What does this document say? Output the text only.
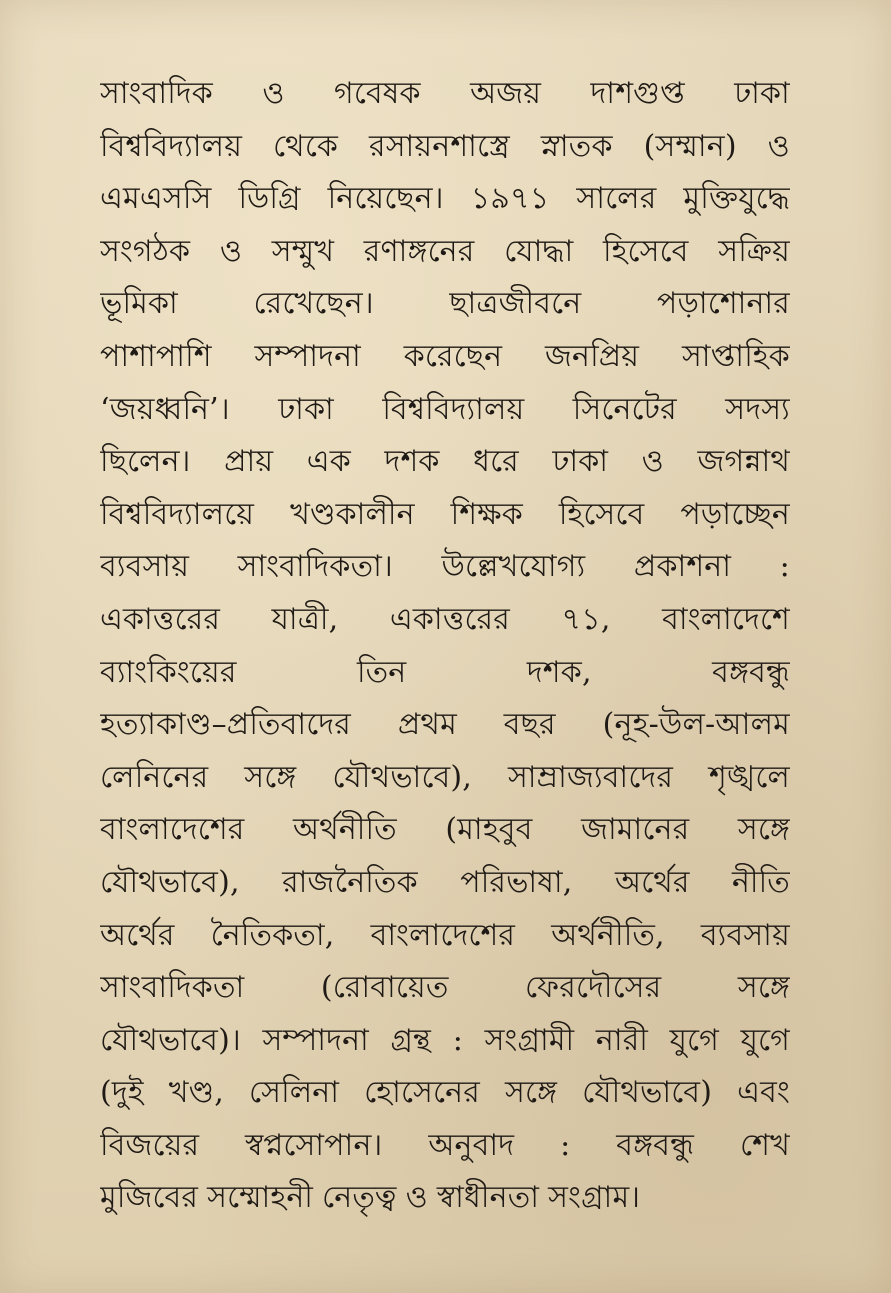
সাংবাদিক ও গবেষক অজয় দাশগুপ্ত ঢাকা
বিশ্ববিদ্যালয় থেকে রসায়নশাস্ত্রে স্নাতক (সম্মান) ও
এমএসসি ডিগ্রি নিয়েছেন। ১৯৭১ সালের মুক্তিযুদ্ধে
সংগঠক ও সম্মুখ রণাঙ্গনের যোদ্ধা হিসেবে সক্রিয়
ভূমিকা	রেখেছেন।	ছাত্রজীবনে	পড়াশোনার
পাশাপাশি সম্পাদনা করেছেন জনপ্রিয় সাপ্তাহিক
‘জয়ধ্বনি’। ঢাকা বিশ্ববিদ্যালয় সিনেটের সদস্য
ছিলেন। প্রায় এক দশক ধরে ঢাকা ও জগন্নাথ
বিশ্ববিদ্যালয়ে খণ্ডকালীন শিক্ষক হিসেবে পড়াচ্ছেন
ব্যবসায় সাংবাদিকতা। উল্লেখযোগ্য প্রকাশনা :
একাত্তরের যাত্রী, একাত্তরের ৭১, বাংলাদেশে
ব্যাংকিংয়ের	তিন	দশক,	বঙ্গবন্ধু
হত্যাকাণ্ড–প্রতিবাদের প্রথম বছর (নূহ-উল-আলম
লেনিনের সঙ্গে যৌথভাবে), সাম্রাজ্যবাদের শৃঙ্খলে
বাংলাদেশের অর্থনীতি (মাহবুব জামানের সঙ্গে
যৌথভাবে), রাজনৈতিক পরিভাষা, অর্থের নীতি
অর্থের নৈতিকতা, বাংলাদেশের অর্থনীতি, ব্যবসায়
সাংবাদিকতা	(রোবায়েত	ফেরদৌসের	সঙ্গে
যৌথভাবে)। সম্পাদনা গ্রন্থ : সংগ্রামী নারী যুগে যুগে
(দুই খণ্ড, সেলিনা হোসেনের সঙ্গে যৌথভাবে) এবং
বিজয়ের স্বপ্নসোপান। অনুবাদ : বঙ্গবন্ধু শেখ
মুজিবের সম্মোহনী নেতৃত্ব ও স্বাধীনতা সংগ্রাম।
